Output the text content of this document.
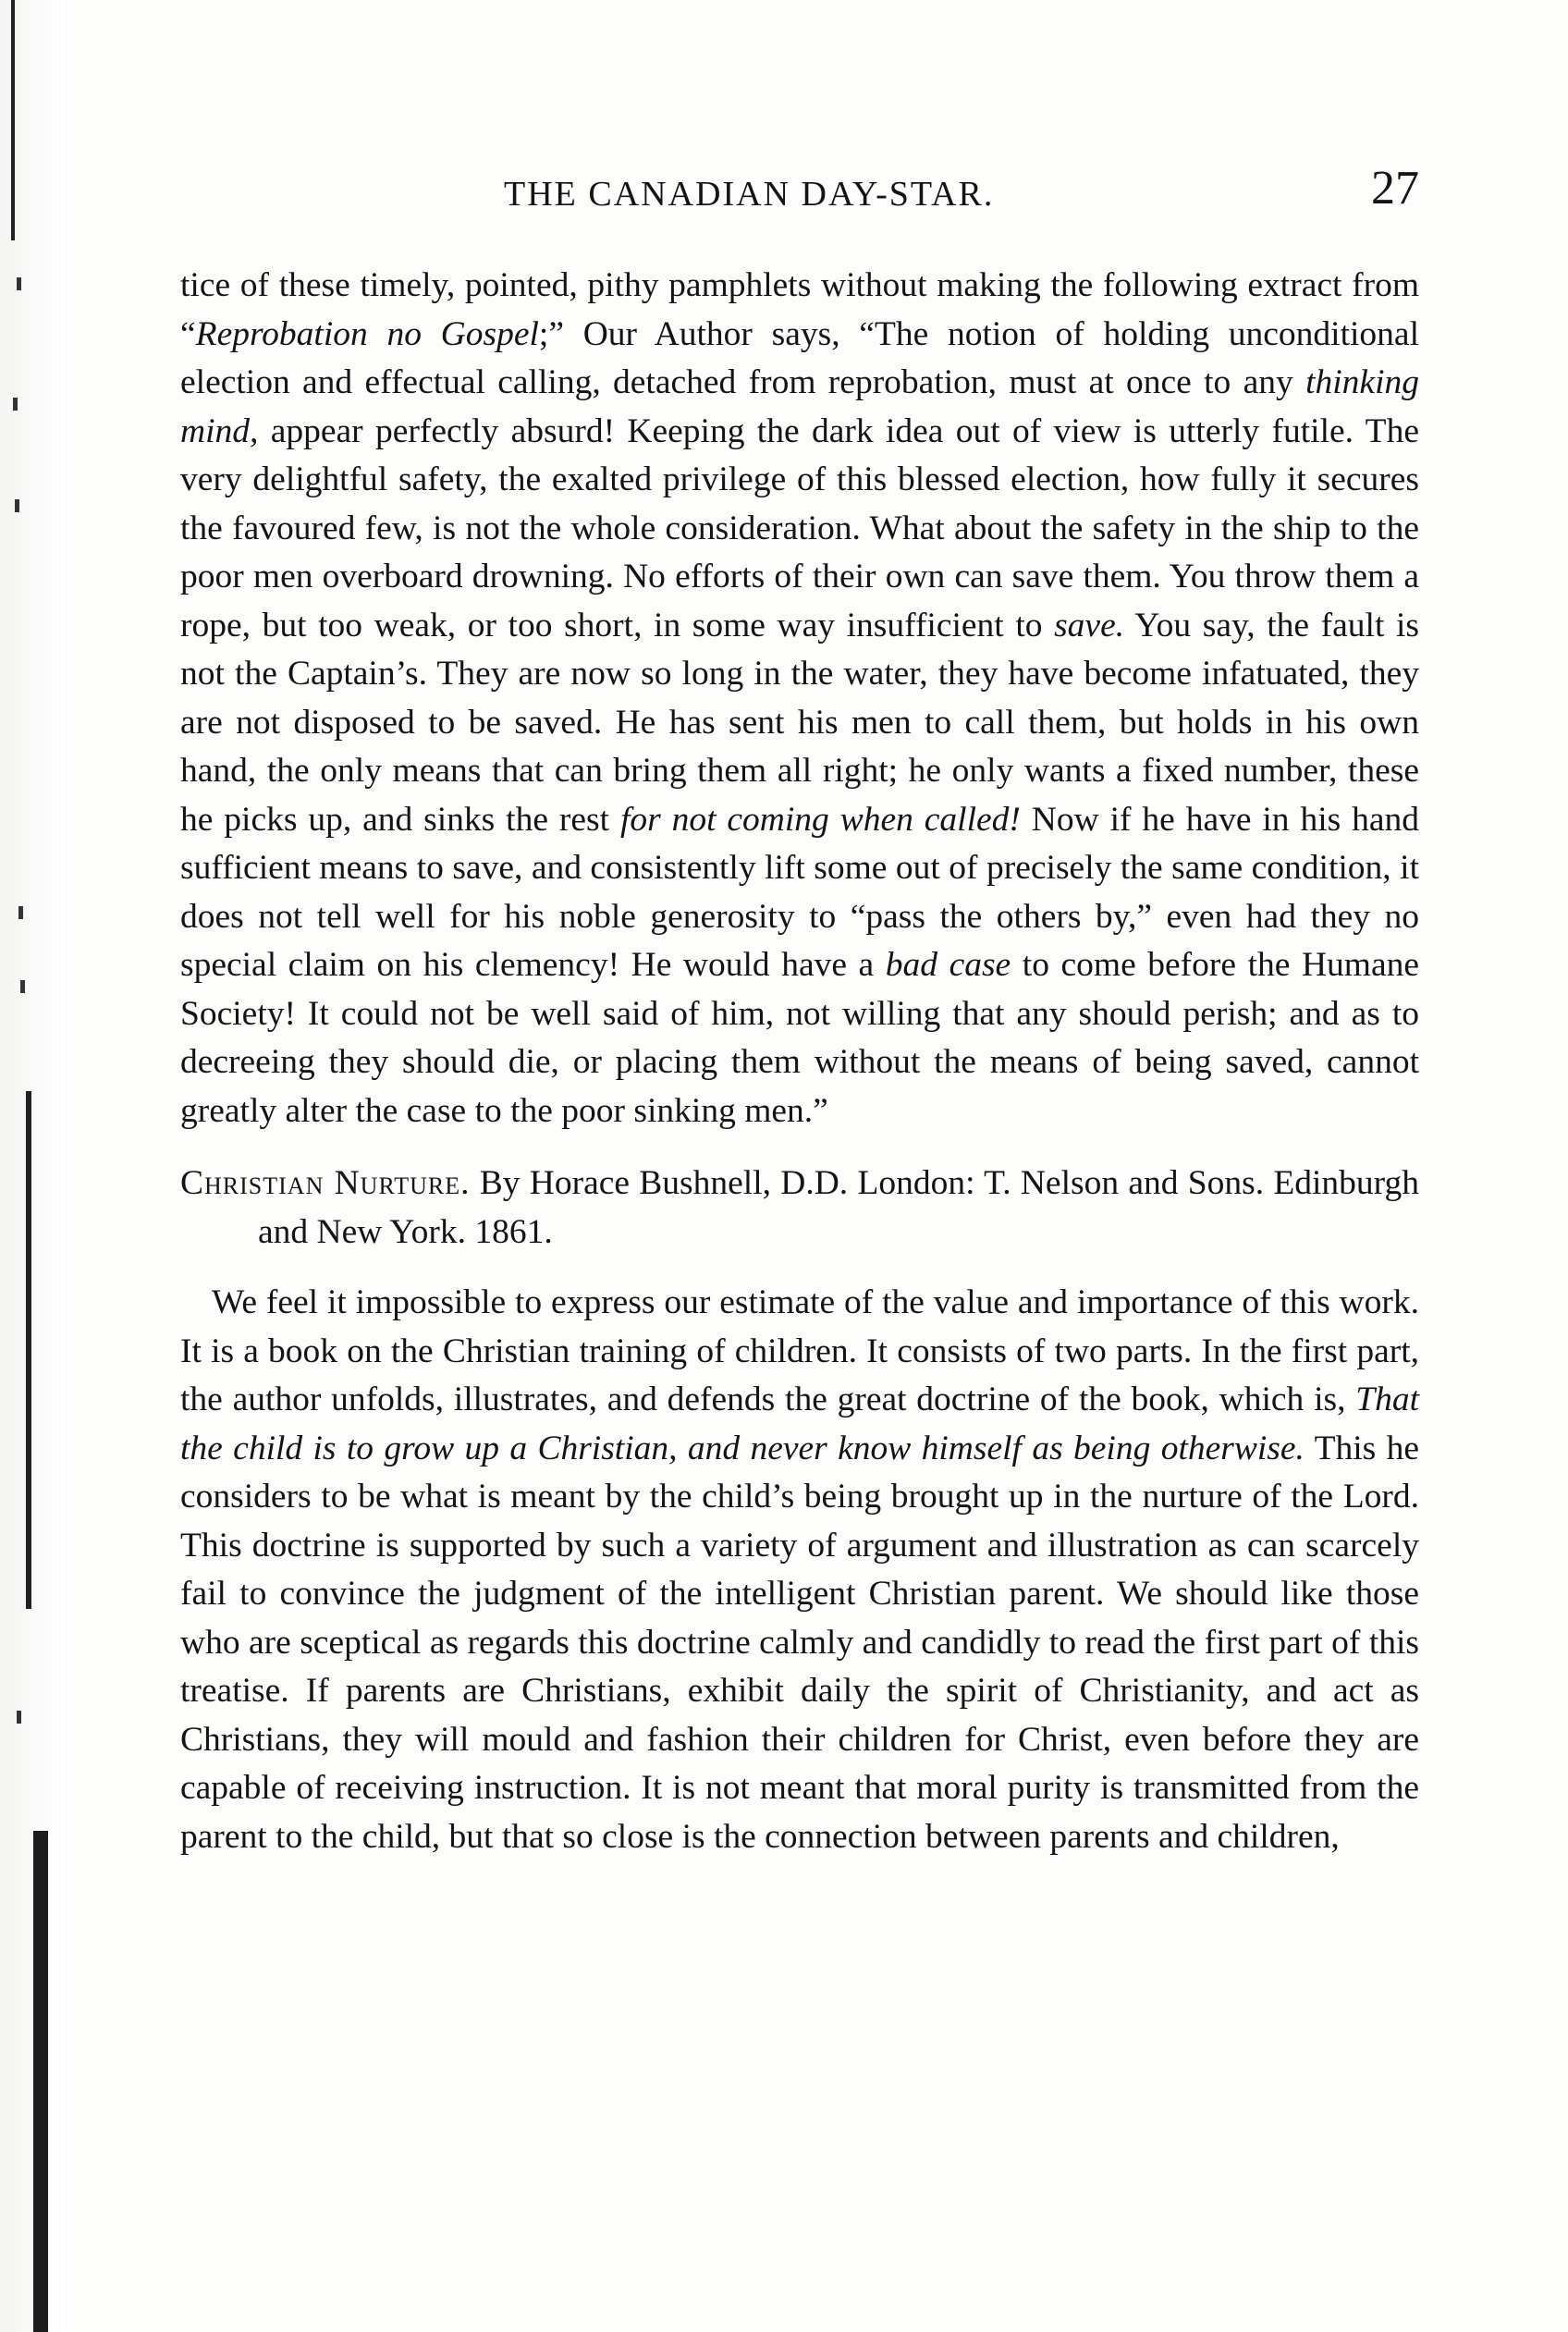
THE CANADIAN DAY-STAR.	27

tice of these timely, pointed, pithy pamphlets without making the following extract from “Reprobation no Gospel;” Our Author says, “The notion of holding unconditional election and effectual calling, detached from reprobation, must at once to any thinking mind, appear perfectly absurd! Keeping the dark idea out of view is utterly futile. The very delightful safety, the exalted privilege of this blessed election, how fully it secures the favoured few, is not the whole consideration. What about the safety in the ship to the poor men overboard drowning. No efforts of their own can save them. You throw them a rope, but too weak, or too short, in some way insufficient to save. You say, the fault is not the Captain’s. They are now so long in the water, they have become infatuated, they are not disposed to be saved. He has sent his men to call them, but holds in his own hand, the only means that can bring them all right; he only wants a fixed number, these he picks up, and sinks the rest for not coming when called! Now if he have in his hand sufficient means to save, and consistently lift some out of precisely the same condition, it does not tell well for his noble generosity to “pass the others by,” even had they no special claim on his clemency! He would have a bad case to come before the Humane Society! It could not be well said of him, not willing that any should perish; and as to decreeing they should die, or placing them without the means of being saved, cannot greatly alter the case to the poor sinking men.”

Christian Nurture. By Horace Bushnell, D.D. London: T. Nelson and Sons. Edinburgh and New York. 1861.

We feel it impossible to express our estimate of the value and importance of this work. It is a book on the Christian training of children. It consists of two parts. In the first part, the author unfolds, illustrates, and defends the great doctrine of the book, which is, That the child is to grow up a Christian, and never know himself as being otherwise. This he considers to be what is meant by the child’s being brought up in the nurture of the Lord. This doctrine is supported by such a variety of argument and illustration as can scarcely fail to convince the judgment of the intelligent Christian parent. We should like those who are sceptical as regards this doctrine calmly and candidly to read the first part of this treatise. If parents are Christians, exhibit daily the spirit of Christianity, and act as Christians, they will mould and fashion their children for Christ, even before they are capable of receiving instruction. It is not meant that moral purity is transmitted from the parent to the child, but that so close is the connection between parents and children,
